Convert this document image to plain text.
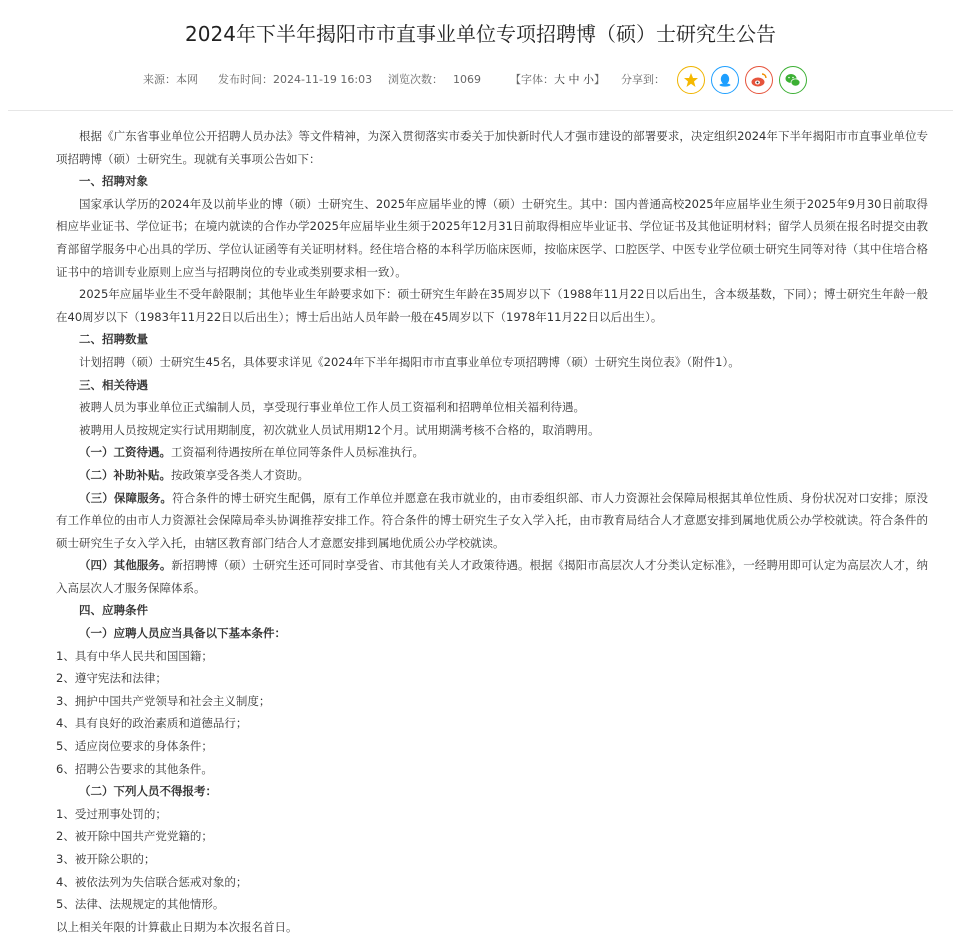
2024年下半年揭阳市市直事业单位专项招聘博（硕）士研究生公告
来源：本网 发布时间：2024-11-19 16:03 浏览次数： 1069	【字体：大 中 小】 分享到：

根据《广东省事业单位公开招聘人员办法》等文件精神，为深入贯彻落实市委关于加快新时代人才强市建设的部署要求，决定组织2024年下半年揭阳市市直事业单位专项招聘博（硕）士研究生。现就有关事项公告如下：

一、招聘对象

国家承认学历的2024年及以前毕业的博（硕）士研究生、2025年应届毕业的博（硕）士研究生。其中：国内普通高校2025年应届毕业生须于2025年9月30日前取得相应毕业证书、学位证书；在境内就读的合作办学2025年应届毕业生须于2025年12月31日前取得相应毕业证书、学位证书及其他证明材料；留学人员须在报名时提交由教育部留学服务中心出具的学历、学位认证函等有关证明材料。经住培合格的本科学历临床医师，按临床医学、口腔医学、中医专业学位硕士研究生同等对待（其中住培合格证书中的培训专业原则上应当与招聘岗位的专业或类别要求相一致）。

2025年应届毕业生不受年龄限制；其他毕业生年龄要求如下：硕士研究生年龄在35周岁以下（1988年11月22日以后出生，含本级基数，下同）；博士研究生年龄一般在40周岁以下（1983年11月22日以后出生）；博士后出站人员年龄一般在45周岁以下（1978年11月22日以后出生）。

二、招聘数量

计划招聘（硕）士研究生45名，具体要求详见《2024年下半年揭阳市市直事业单位专项招聘博（硕）士研究生岗位表》（附件1）。

三、相关待遇

被聘人员为事业单位正式编制人员，享受现行事业单位工作人员工资福利和招聘单位相关福利待遇。

被聘用人员按规定实行试用期制度，初次就业人员试用期12个月。试用期满考核不合格的，取消聘用。

（一）工资待遇。工资福利待遇按所在单位同等条件人员标准执行。

（二）补助补贴。按政策享受各类人才资助。

（三）保障服务。符合条件的博士研究生配偶，原有工作单位并愿意在我市就业的，由市委组织部、市人力资源社会保障局根据其单位性质、身份状况对口安排；原没有工作单位的由市人力资源社会保障局牵头协调推荐安排工作。符合条件的博士研究生子女入学入托，由市教育局结合人才意愿安排到属地优质公办学校就读。符合条件的硕士研究生子女入学入托，由辖区教育部门结合人才意愿安排到属地优质公办学校就读。

（四）其他服务。新招聘博（硕）士研究生还可同时享受省、市其他有关人才政策待遇。根据《揭阳市高层次人才分类认定标准》，一经聘用即可认定为高层次人才，纳入高层次人才服务保障体系。

四、应聘条件

（一）应聘人员应当具备以下基本条件：

1、具有中华人民共和国国籍；

2、遵守宪法和法律；

3、拥护中国共产党领导和社会主义制度；

4、具有良好的政治素质和道德品行；

5、适应岗位要求的身体条件；

6、招聘公告要求的其他条件。

（二）下列人员不得报考：

1、受过刑事处罚的；

2、被开除中国共产党党籍的；

3、被开除公职的；

4、被依法列为失信联合惩戒对象的；

5、法律、法规规定的其他情形。

以上相关年限的计算截止日期为本次报名首日。
